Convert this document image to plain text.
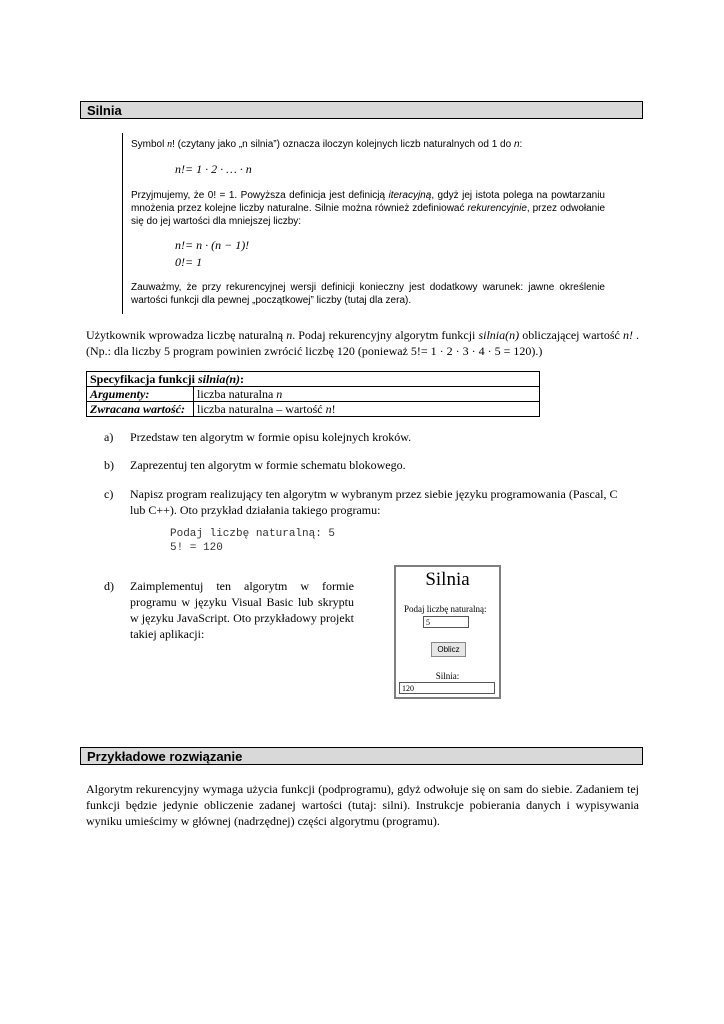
Silnia

Symbol n! (czytany jako „n silnia”) oznacza iloczyn kolejnych liczb naturalnych od 1 do n:

n!= 1 · 2 · … · n

Przyjmujemy, że 0! = 1. Powyższa definicja jest definicją iteracyjną, gdyż jej istota polega na powtarzaniu mnożenia przez kolejne liczby naturalne. Silnie można również zdefiniować rekurencyjnie, przez odwołanie się do jej wartości dla mniejszej liczby:

n!= n · (n − 1)!
0!= 1

Zauważmy, że przy rekurencyjnej wersji definicji konieczny jest dodatkowy warunek: jawne określenie wartości funkcji dla pewnej „początkowej” liczby (tutaj dla zera).

Użytkownik wprowadza liczbę naturalną n. Podaj rekurencyjny algorytm funkcji silnia(n) obliczającej wartość n! . (Np.: dla liczby 5 program powinien zwrócić liczbę 120 (ponieważ 5!= 1 · 2 · 3 · 4 · 5 = 120).)

Specyfikacja funkcji silnia(n):	
Argumenty:	liczba naturalna n
Zwracana wartość:	liczba naturalna – wartość n!
a) Przedstaw ten algorytm w formie opisu kolejnych kroków.
b) Zaprezentuj ten algorytm w formie schematu blokowego.
c) Napisz program realizujący ten algorytm w wybranym przez siebie języku programowania (Pascal, C lub C++). Oto przykład działania takiego programu:
Podaj liczbę naturalną: 5
5! = 120
d) Zaimplementuj ten algorytm w formie programu w języku Visual Basic lub skryptu w języku JavaScript. Oto przykładowy projekt takiej aplikacji:
Silnia
Podaj liczbę naturalną:
5
Oblicz
Silnia:
120
Przykładowe rozwiązanie

Algorytm rekurencyjny wymaga użycia funkcji (podprogramu), gdyż odwołuje się on sam do siebie. Zadaniem tej funkcji będzie jedynie obliczenie zadanej wartości (tutaj: silni). Instrukcje pobierania danych i wypisywania wyniku umieścimy w głównej (nadrzędnej) części algorytmu (programu).
